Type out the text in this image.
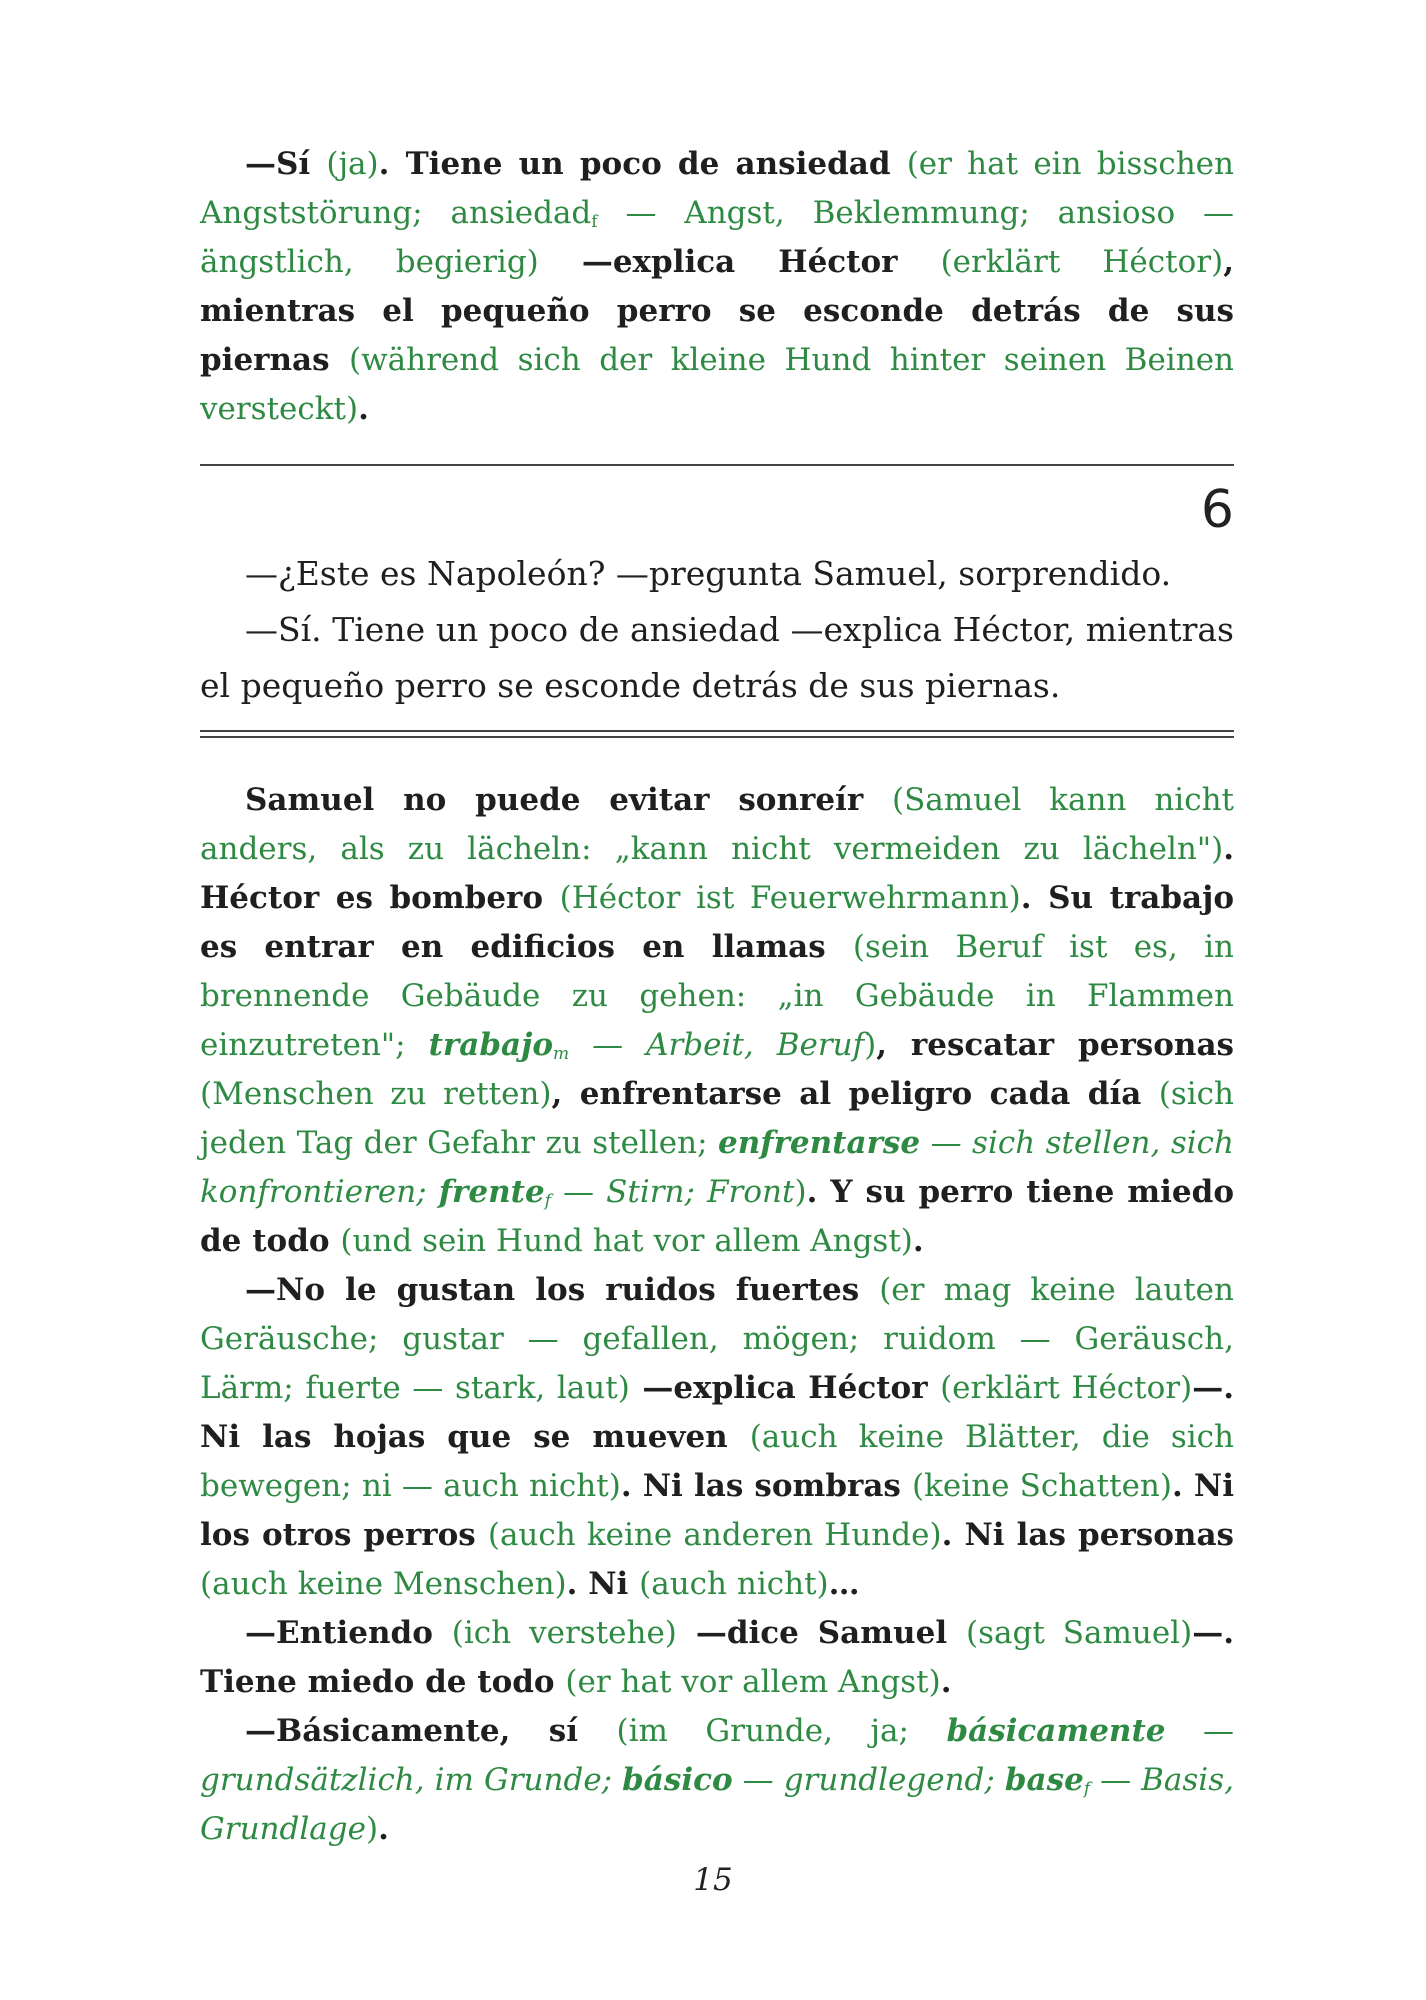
—Sí (ja). Tiene un poco de ansiedad (er hat ein bisschen Angststörung; ansiedad$_f$ — Angst, Beklemmung; ansioso — ängstlich, begierig) —explica Héctor (erklärt Héctor), mientras el pequeño perro se esconde detrás de sus piernas (während sich der kleine Hund hinter seinen Beinen versteckt).

6

—¿Este es Napoleón? —pregunta Samuel, sorprendido.

—Sí. Tiene un poco de ansiedad —explica Héctor, mientras el pequeño perro se esconde detrás de sus piernas.

Samuel no puede evitar sonreír (Samuel kann nicht anders, als zu lächeln: „kann nicht vermeiden zu lächeln"). Héctor es bombero (Héctor ist Feuerwehrmann). Su trabajo es entrar en edificios en llamas (sein Beruf ist es, in brennende Gebäude zu gehen: „in Gebäude in Flammen einzutreten"; trabajo$_m$ — Arbeit, Beruf), rescatar personas (Menschen zu retten), enfrentarse al peligro cada día (sich jeden Tag der Gefahr zu stellen; enfrentarse — sich stellen, sich konfrontieren; frente$_f$ — Stirn; Front). Y su perro tiene miedo de todo (und sein Hund hat vor allem Angst).

—No le gustan los ruidos fuertes (er mag keine lauten Geräusche; gustar — gefallen, mögen; ruidom — Geräusch, Lärm; fuerte — stark, laut) —explica Héctor (erklärt Héctor)—. Ni las hojas que se mueven (auch keine Blätter, die sich bewegen; ni — auch nicht). Ni las sombras (keine Schatten). Ni los otros perros (auch keine anderen Hunde). Ni las personas (auch keine Menschen). Ni (auch nicht)…

—Entiendo (ich verstehe) —dice Samuel (sagt Samuel)—. Tiene miedo de todo (er hat vor allem Angst).

—Básicamente, sí (im Grunde, ja; básicamente — grundsätzlich, im Grunde; básico — grundlegend; base$_f$ — Basis, Grundlage).

15
